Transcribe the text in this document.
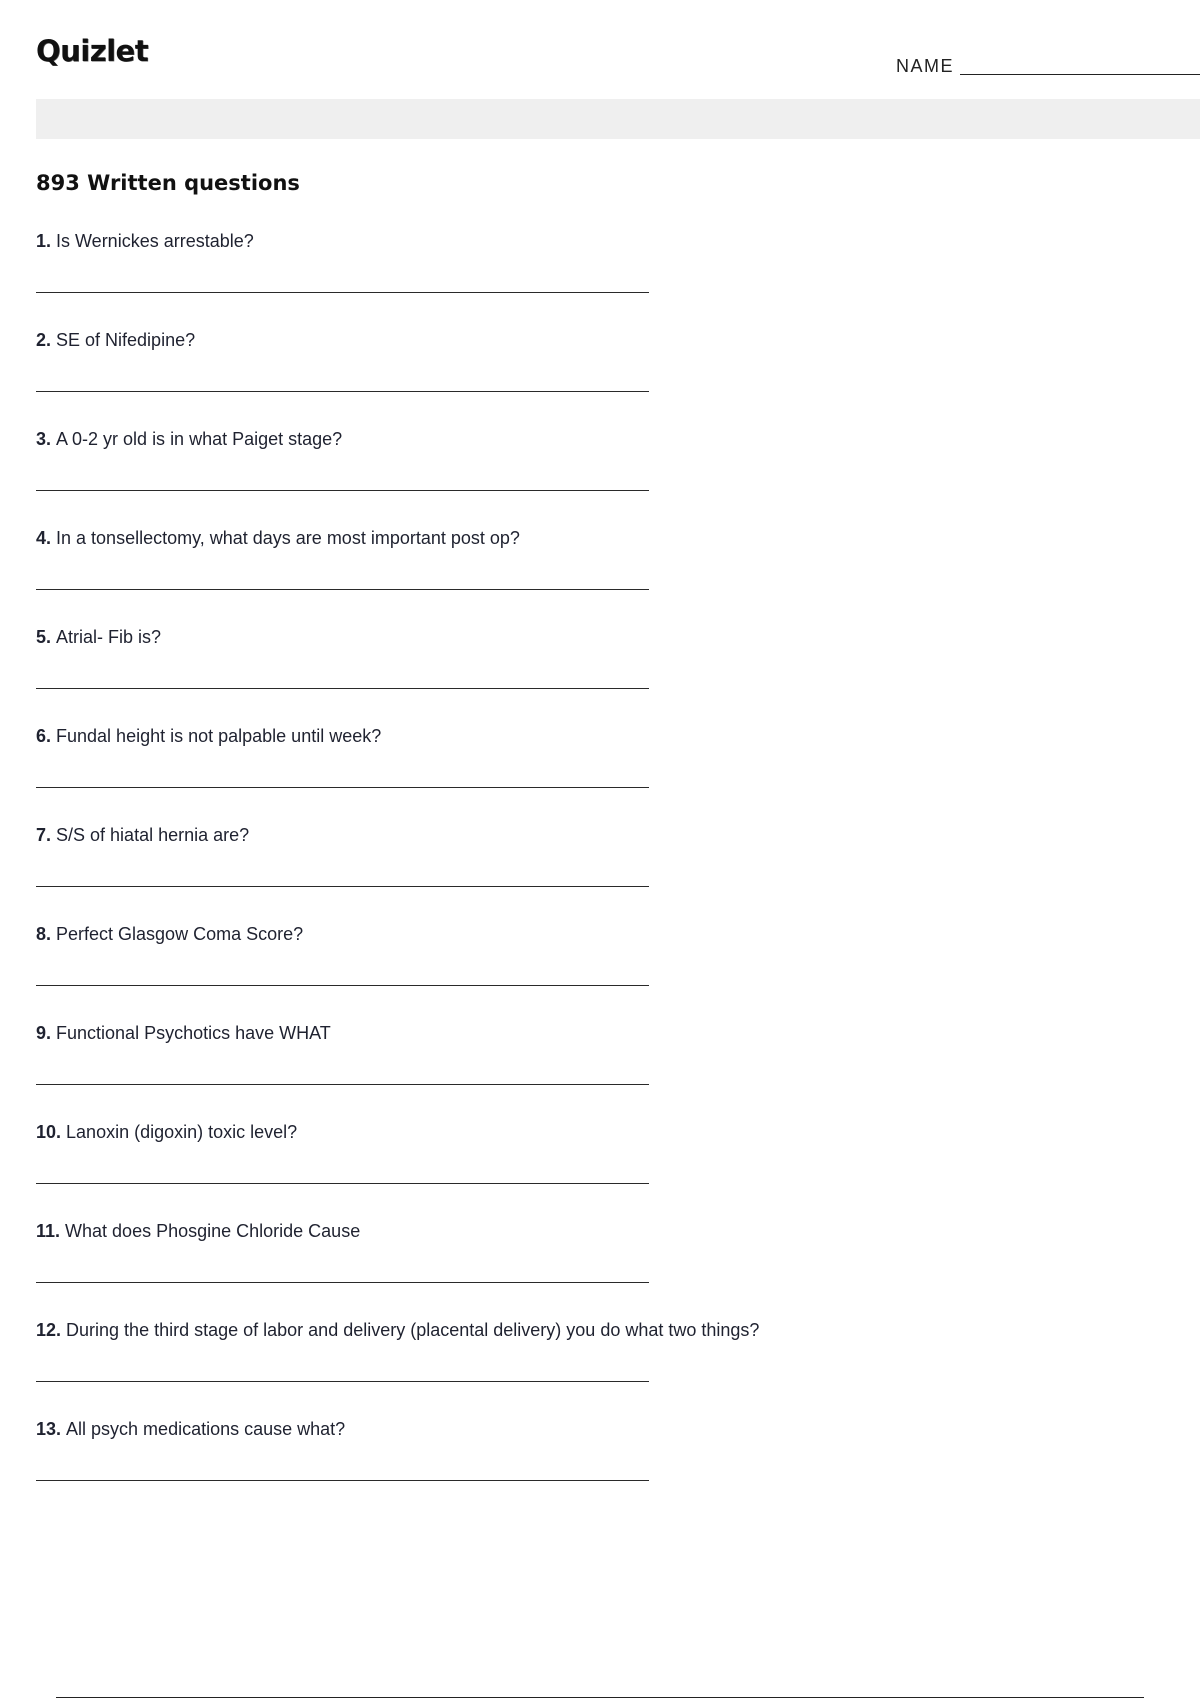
Quizlet	NAME
893 Written questions
1. Is Wernickes arrestable?
2. SE of Nifedipine?
3. A 0-2 yr old is in what Paiget stage?
4. In a tonsellectomy, what days are most important post op?
5. Atrial- Fib is?
6. Fundal height is not palpable until week?
7. S/S of hiatal hernia are?
8. Perfect Glasgow Coma Score?
9. Functional Psychotics have WHAT
10. Lanoxin (digoxin) toxic level?
11. What does Phosgine Chloride Cause
12. During the third stage of labor and delivery (placental delivery) you do what two things?
13. All psych medications cause what?
